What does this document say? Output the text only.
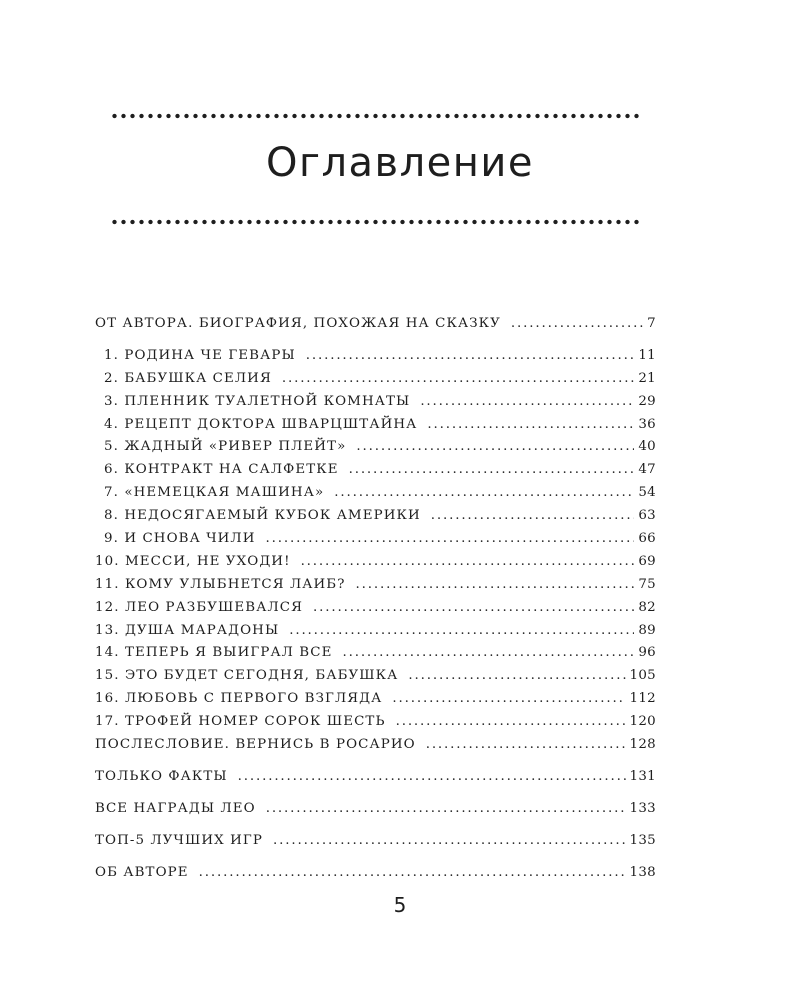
Оглавление
ОТ АВТОРА. БИОГРАФИЯ, ПОХОЖАЯ НА СКАЗКУ . . .	7
1. РОДИНА ЧЕ ГЕВАРЫ . . .	11
2. БАБУШКА СЕЛИЯ . . .	21
3. ПЛЕННИК ТУАЛЕТНОЙ КОМНАТЫ . . .	29
4. РЕЦЕПТ ДОКТОРА ШВАРЦШТАЙНА . . .	36
5. ЖАДНЫЙ «РИВЕР ПЛЕЙТ» . . .	40
6. КОНТРАКТ НА САЛФЕТКЕ . . .	47
7. «НЕМЕЦКАЯ МАШИНА» . . .	54
8. НЕДОСЯГАЕМЫЙ КУБОК АМЕРИКИ . . .	63
9. И СНОВА ЧИЛИ . . .	66
10. МЕССИ, НЕ УХОДИ! . . .	69
11. КОМУ УЛЫБНЕТСЯ ЛАИБ? . . .	75
12. ЛЕО РАЗБУШЕВАЛСЯ . . .	82
13. ДУША МАРАДОНЫ . . .	89
14. ТЕПЕРЬ Я ВЫИГРАЛ ВСЕ . . .	96
15. ЭТО БУДЕТ СЕГОДНЯ, БАБУШКА . . .	105
16. ЛЮБОВЬ С ПЕРВОГО ВЗГЛЯДА . . .	112
17. ТРОФЕЙ НОМЕР СОРОК ШЕСТЬ . . .	120
ПОСЛЕСЛОВИЕ. ВЕРНИСЬ В РОСАРИО . . .	128
ТОЛЬКО ФАКТЫ . . .	131
ВСЕ НАГРАДЫ ЛЕО . . .	133
ТОП-5 ЛУЧШИХ ИГР . . .	135
ОБ АВТОРЕ . . .	138
5
